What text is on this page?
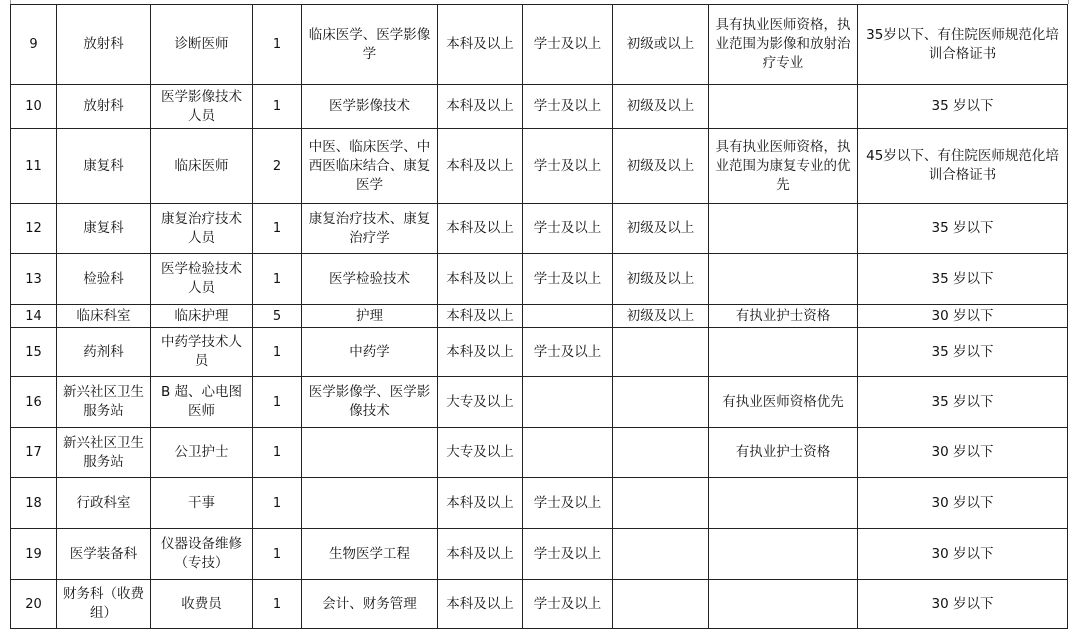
9	放射科	诊断医师	1	临床医学、医学影像学	本科及以上	学士及以上	初级或以上	具有执业医师资格，执业范围为影像和放射治疗专业	35岁以下、有住院医师规范化培训合格证书
10	放射科	医学影像技术人员	1	医学影像技术	本科及以上	学士及以上	初级及以上		35 岁以下
11	康复科	临床医师	2	中医、临床医学、中西医临床结合、康复医学	本科及以上	学士及以上	初级及以上	具有执业医师资格，执业范围为康复专业的优先	45岁以下、有住院医师规范化培训合格证书
12	康复科	康复治疗技术人员	1	康复治疗技术、康复治疗学	本科及以上	学士及以上	初级及以上		35 岁以下
13	检验科	医学检验技术人员	1	医学检验技术	本科及以上	学士及以上	初级及以上		35 岁以下
14	临床科室	临床护理	5	护理	本科及以上		初级及以上	有执业护士资格	30 岁以下
15	药剂科	中药学技术人员	1	中药学	本科及以上	学士及以上			35 岁以下
16	新兴社区卫生服务站	B 超、心电图医师	1	医学影像学、医学影像技术	大专及以上			有执业医师资格优先	35 岁以下
17	新兴社区卫生服务站	公卫护士	1		大专及以上			有执业护士资格	30 岁以下
18	行政科室	干事	1		本科及以上	学士及以上			30 岁以下
19	医学装备科	仪器设备维修（专技）	1	生物医学工程	本科及以上	学士及以上			30 岁以下
20	财务科（收费组）	收费员	1	会计、财务管理	本科及以上	学士及以上			30 岁以下
